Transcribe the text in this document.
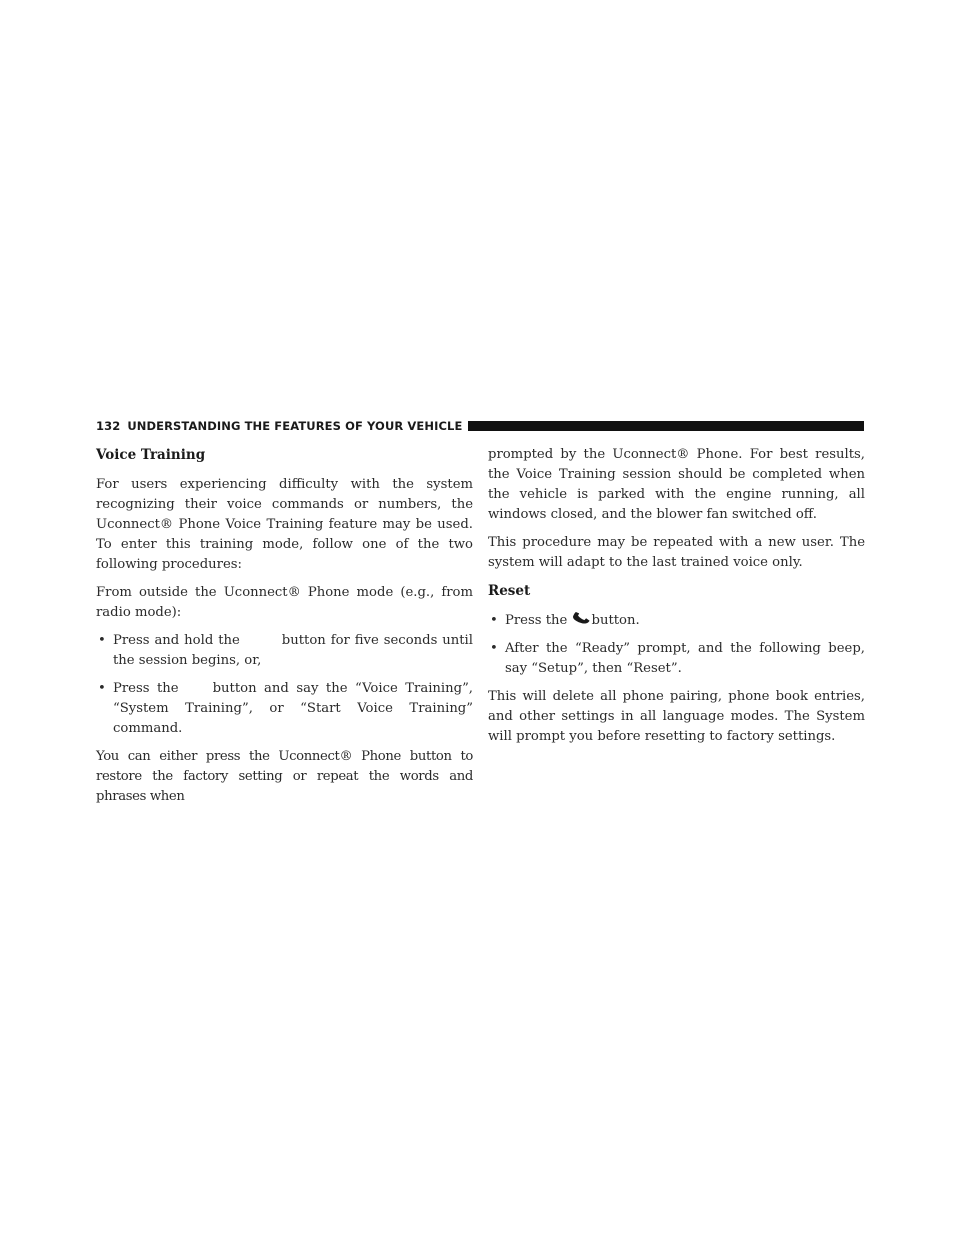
132 UNDERSTANDING THE FEATURES OF YOUR VEHICLE
Voice Training

For users experiencing difficulty with the system recognizing their voice commands or numbers, the Uconnect® Phone Voice Training feature may be used. To enter this training mode, follow one of the two following procedures:

From outside the Uconnect® Phone mode (e.g., from radio mode):

• Press and hold the	button for five seconds until the session begins, or,
• Press the	button and say the “Voice Training”, “System Training”, or “Start Voice Training” command.

You can either press the Uconnect® Phone button to restore the factory setting or repeat the words and phrases when

prompted by the Uconnect® Phone. For best results, the Voice Training session should be completed when the vehicle is parked with the engine running, all windows closed, and the blower fan switched off.

This procedure may be repeated with a new user. The system will adapt to the last trained voice only.

Reset
• Press the button.
• After the “Ready” prompt, and the following beep, say “Setup”, then “Reset”.

This will delete all phone pairing, phone book entries, and other settings in all language modes. The System will prompt you before resetting to factory settings.
